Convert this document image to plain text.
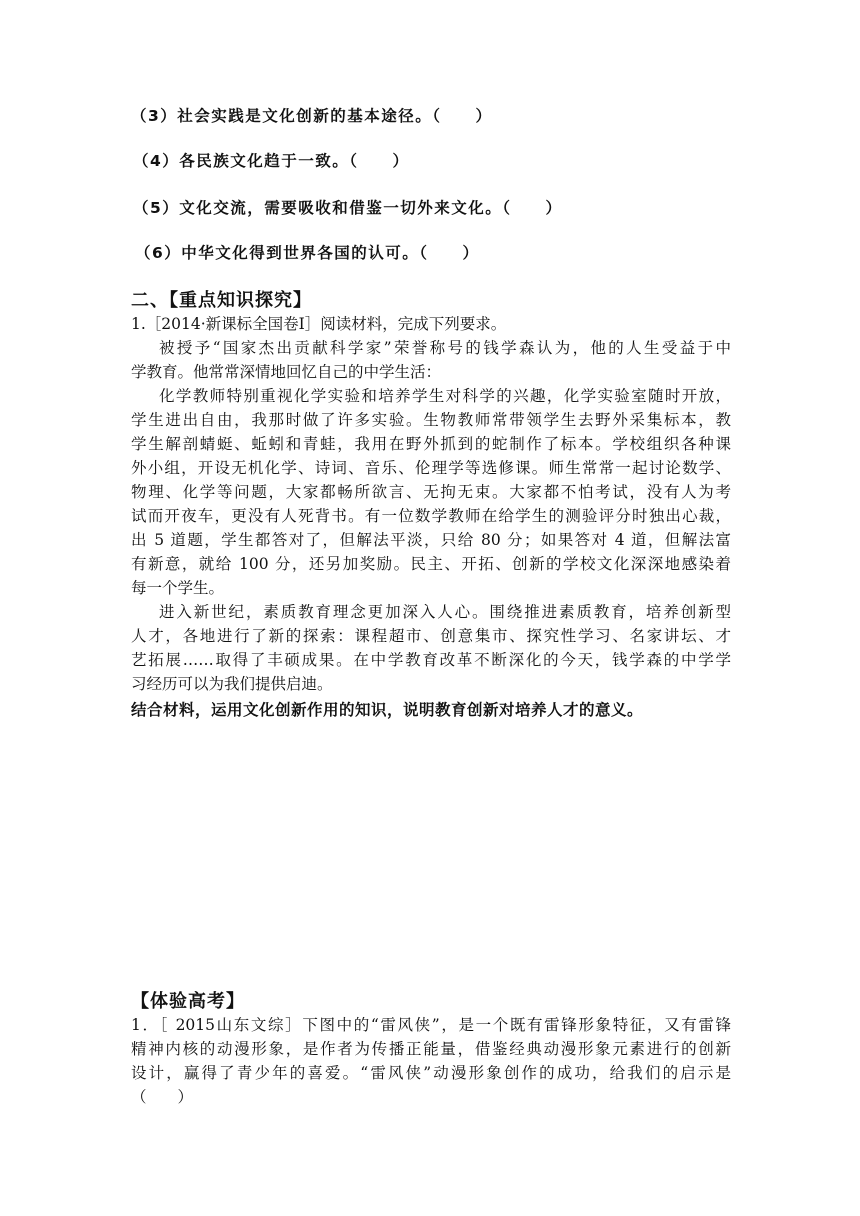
（3）社会实践是文化创新的基本途径。（　　）
（4）各民族文化趋于一致。（　　）
（5）文化交流，需要吸收和借鉴一切外来文化。（　　）
（6）中华文化得到世界各国的认可。（　　）
二、【重点知识探究】
1.［2014·新课标全国卷Ⅰ］阅读材料，完成下列要求。
被授予“国家杰出贡献科学家”荣誉称号的钱学森认为，他的人生受益于中
学教育。他常常深情地回忆自己的中学生活：
化学教师特别重视化学实验和培养学生对科学的兴趣，化学实验室随时开放，
学生进出自由，我那时做了许多实验。生物教师常带领学生去野外采集标本，教
学生解剖蜻蜓、蚯蚓和青蛙，我用在野外抓到的蛇制作了标本。学校组织各种课
外小组，开设无机化学、诗词、音乐、伦理学等选修课。师生常常一起讨论数学、
物理、化学等问题，大家都畅所欲言、无拘无束。大家都不怕考试，没有人为考
试而开夜车，更没有人死背书。有一位数学教师在给学生的测验评分时独出心裁，
出 5 道题，学生都答对了，但解法平淡，只给 80 分；如果答对 4 道，但解法富
有新意，就给 100 分，还另加奖励。民主、开拓、创新的学校文化深深地感染着
每一个学生。
进入新世纪，素质教育理念更加深入人心。围绕推进素质教育，培养创新型
人才，各地进行了新的探索：课程超市、创意集市、探究性学习、名家讲坛、才
艺拓展……取得了丰硕成果。在中学教育改革不断深化的今天，钱学森的中学学
习经历可以为我们提供启迪。
结合材料，运用文化创新作用的知识，说明教育创新对培养人才的意义。
【体验高考】
1．［ 2015山东文综］下图中的“雷风侠”，是一个既有雷锋形象特征，又有雷锋
精神内核的动漫形象，是作者为传播正能量，借鉴经典动漫形象元素进行的创新
设计，赢得了青少年的喜爱。“雷风侠”动漫形象创作的成功，给我们的启示是
（　　）
